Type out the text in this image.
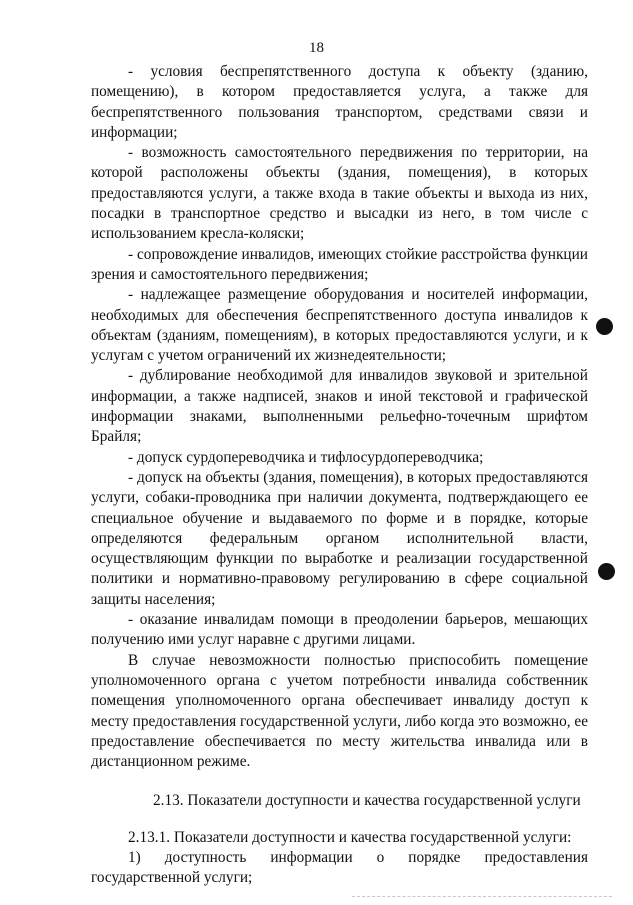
18

- условия беспрепятственного доступа к объекту (зданию, помещению), в котором предоставляется услуга, а также для беспрепятственного пользования транспортом, средствами связи и информации;

- возможность самостоятельного передвижения по территории, на которой расположены объекты (здания, помещения), в которых предоставляются услуги, а также входа в такие объекты и выхода из них, посадки в транспортное средство и высадки из него, в том числе с использованием кресла-коляски;

- сопровождение инвалидов, имеющих стойкие расстройства функции зрения и самостоятельного передвижения;

- надлежащее размещение оборудования и носителей информации, необходимых для обеспечения беспрепятственного доступа инвалидов к объектам (зданиям, помещениям), в которых предоставляются услуги, и к услугам с учетом ограничений их жизнедеятельности;

- дублирование необходимой для инвалидов звуковой и зрительной информации, а также надписей, знаков и иной текстовой и графической информации знаками, выполненными рельефно-точечным шрифтом Брайля;

- допуск сурдопереводчика и тифлосурдопереводчика;

- допуск на объекты (здания, помещения), в которых предоставляются услуги, собаки-проводника при наличии документа, подтверждающего ее специальное обучение и выдаваемого по форме и в порядке, которые определяются федеральным органом исполнительной власти, осуществляющим функции по выработке и реализации государственной политики и нормативно-правовому регулированию в сфере социальной защиты населения;

- оказание инвалидам помощи в преодолении барьеров, мешающих получению ими услуг наравне с другими лицами.

В случае невозможности полностью приспособить помещение уполномоченного органа с учетом потребности инвалида собственник помещения уполномоченного органа обеспечивает инвалиду доступ к месту предоставления государственной услуги, либо когда это возможно, ее предоставление обеспечивается по месту жительства инвалида или в дистанционном режиме.

2.13. Показатели доступности и качества государственной услуги

2.13.1. Показатели доступности и качества государственной услуги:

1) доступность информации о порядке предоставления государственной услуги;
